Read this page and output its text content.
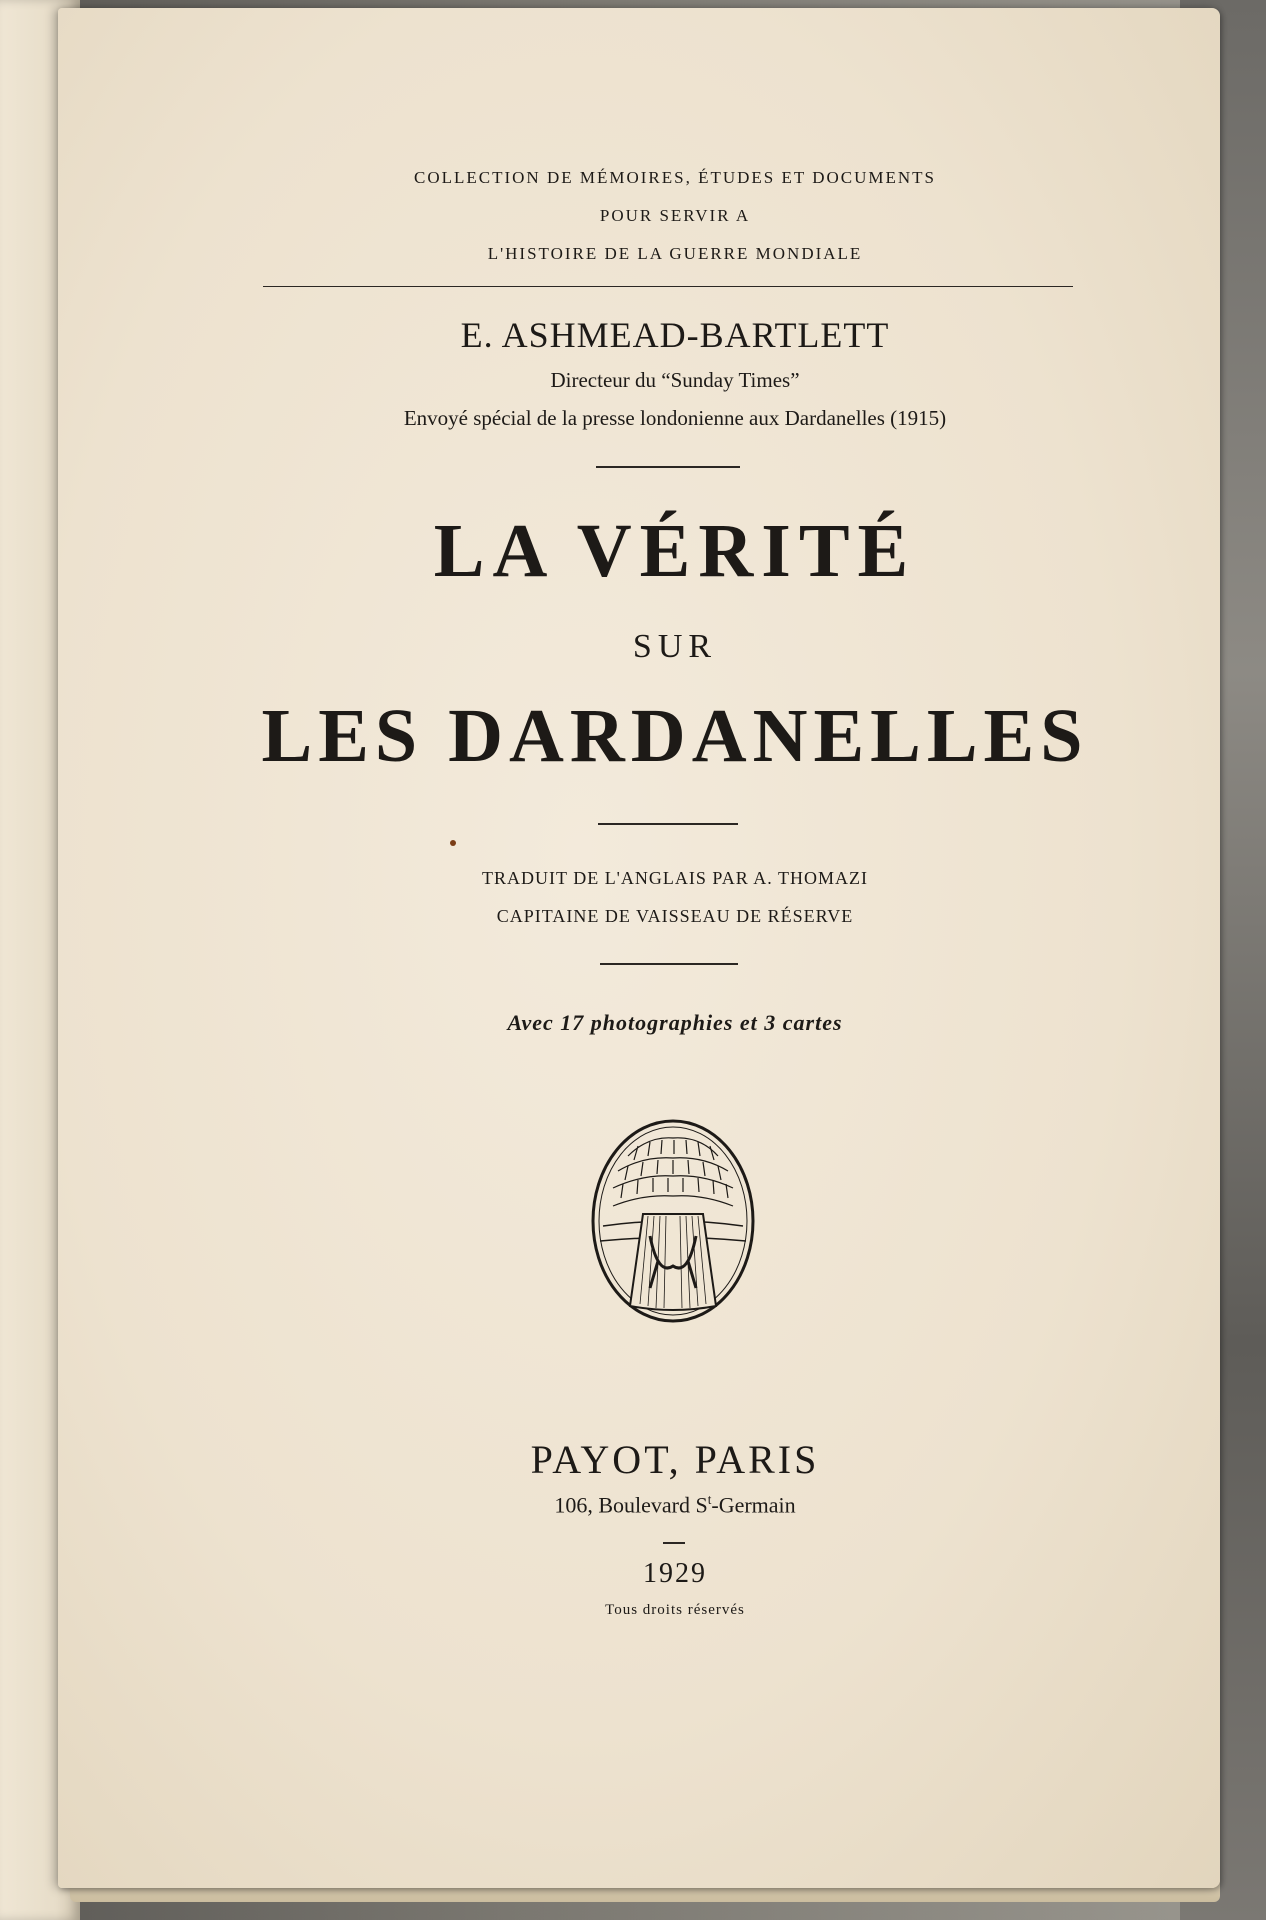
COLLECTION DE MÉMOIRES, ÉTUDES ET DOCUMENTS
POUR SERVIR A
L'HISTOIRE DE LA GUERRE MONDIALE
E. ASHMEAD-BARTLETT
Directeur du “Sunday Times”
Envoyé spécial de la presse londonienne aux Dardanelles (1915)
LA VÉRITÉ
SUR
LES DARDANELLES
TRADUIT DE L'ANGLAIS PAR A. THOMAZI
CAPITAINE DE VAISSEAU DE RÉSERVE
Avec 17 photographies et 3 cartes
PAYOT, PARIS
106, Boulevard $S^t$-Germain
1929
Tous droits réservés
